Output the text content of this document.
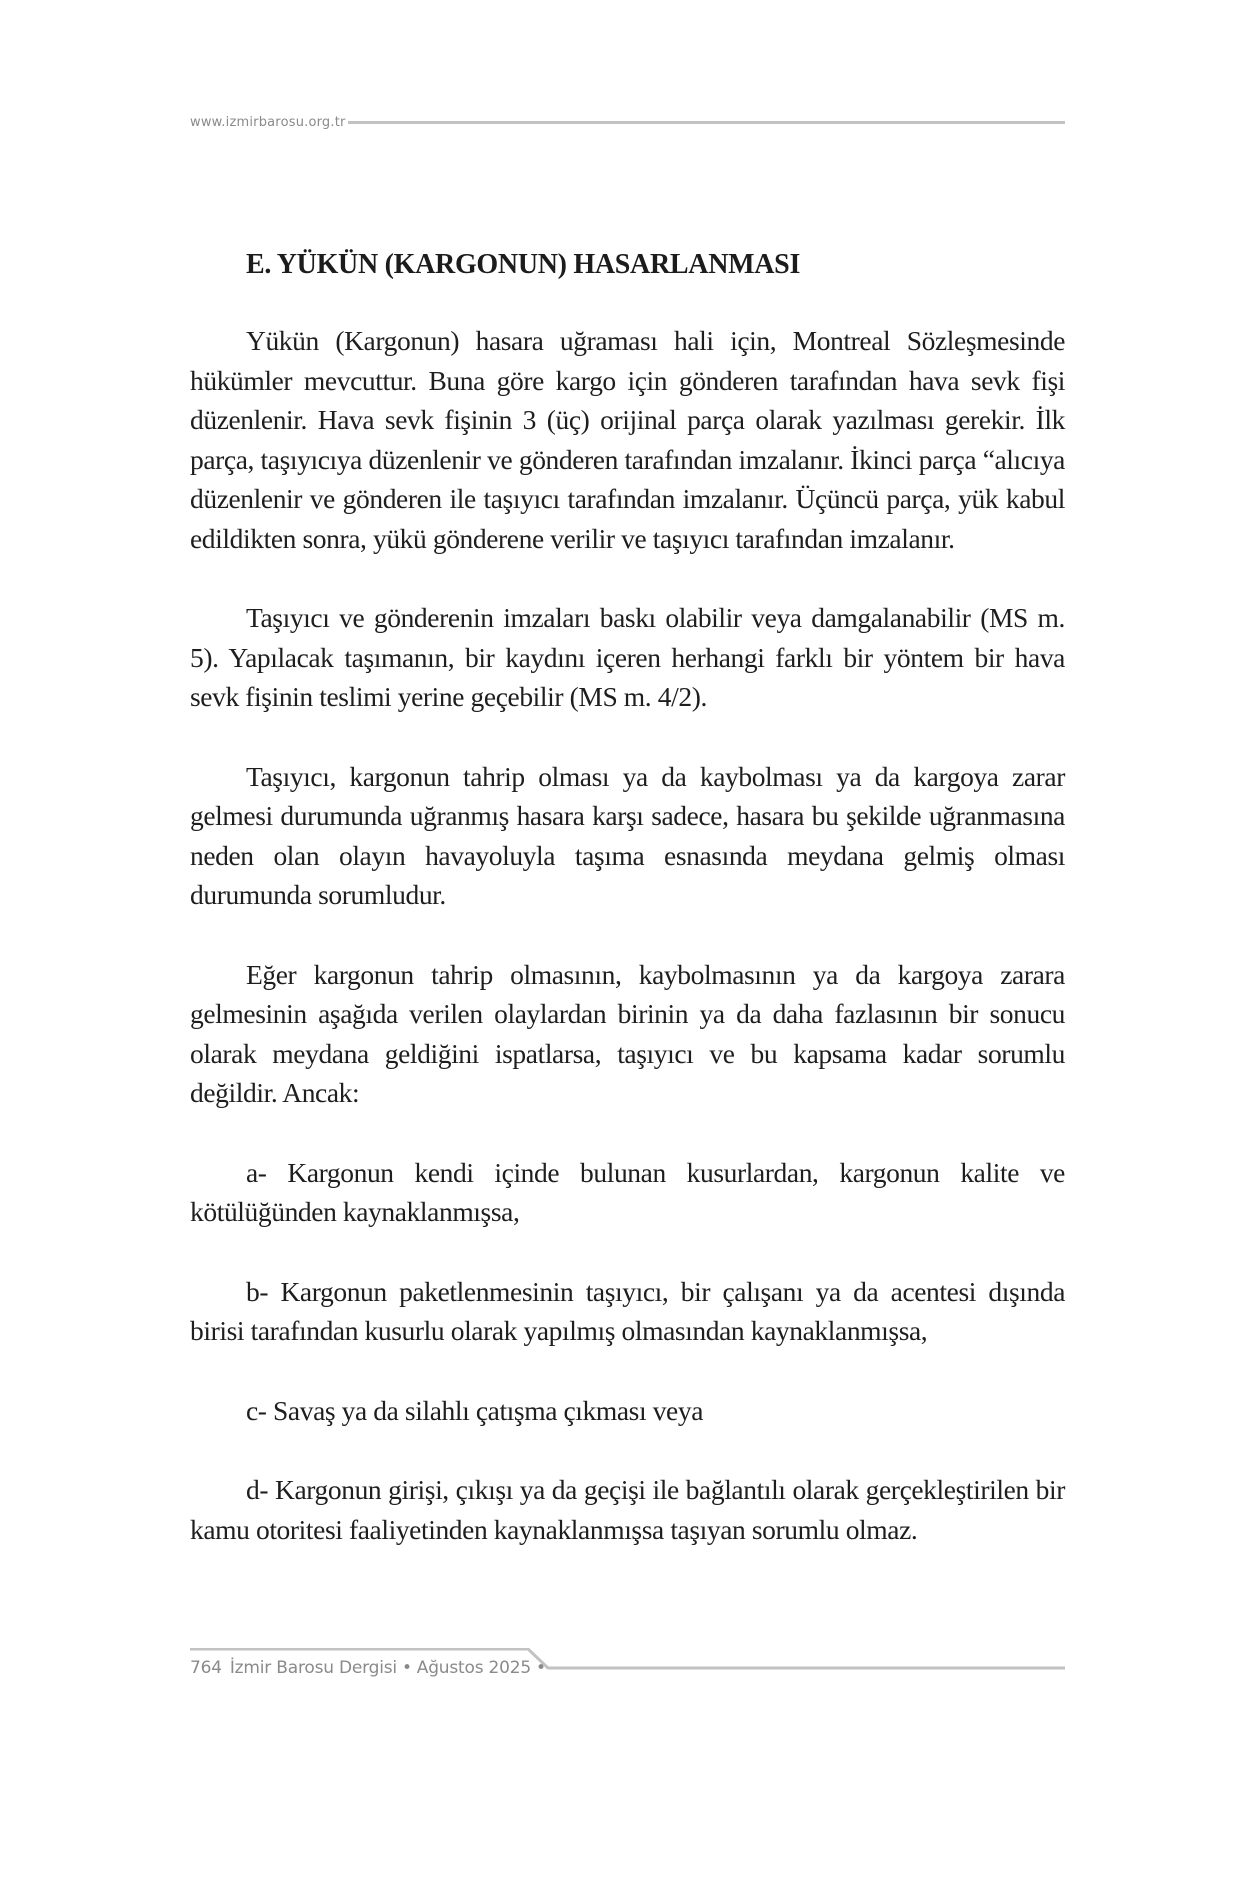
www.izmirbarosu.org.tr
E. YÜKÜN (KARGONUN) HASARLANMASI

Yükün (Kargonun) hasara uğraması hali için, Montreal Sözleşmesinde hükümler mevcuttur. Buna göre kargo için gönderen tarafından hava sevk fişi düzenlenir. Hava sevk fişinin 3 (üç) orijinal parça olarak yazılması gerekir. İlk parça, taşıyıcıya düzenlenir ve gönderen tarafından imzalanır. İkinci parça “alıcıya düzenlenir ve gönderen ile taşıyıcı tarafından imzalanır. Üçüncü parça, yük kabul edildikten sonra, yükü gönderene verilir ve taşıyıcı tarafından imzalanır.

Taşıyıcı ve gönderenin imzaları baskı olabilir veya damgalanabilir (MS m. 5). Yapılacak taşımanın, bir kaydını içeren herhangi farklı bir yöntem bir hava sevk fişinin teslimi yerine geçebilir (MS m. 4/2).

Taşıyıcı, kargonun tahrip olması ya da kaybolması ya da kargoya zarar gelmesi durumunda uğranmış hasara karşı sadece, hasara bu şekilde uğranmasına neden olan olayın havayoluyla taşıma esnasında meydana gelmiş olması durumunda sorumludur.

Eğer kargonun tahrip olmasının, kaybolmasının ya da kargoya zarara gelmesinin aşağıda verilen olaylardan birinin ya da daha fazlasının bir sonucu olarak meydana geldiğini ispatlarsa, taşıyıcı ve bu kapsama kadar sorumlu değildir. Ancak:

a- Kargonun kendi içinde bulunan kusurlardan, kargonun kalite ve kötülüğünden kaynaklanmışsa,

b- Kargonun paketlenmesinin taşıyıcı, bir çalışanı ya da acentesi dışında birisi tarafından kusurlu olarak yapılmış olmasından kaynaklanmışsa,

c- Savaş ya da silahlı çatışma çıkması veya

d- Kargonun girişi, çıkışı ya da geçişi ile bağlantılı olarak gerçekleştirilen bir kamu otoritesi faaliyetinden kaynaklanmışsa taşıyan sorumlu olmaz.

764 İzmir Barosu Dergisi • Ağustos 2025 •
